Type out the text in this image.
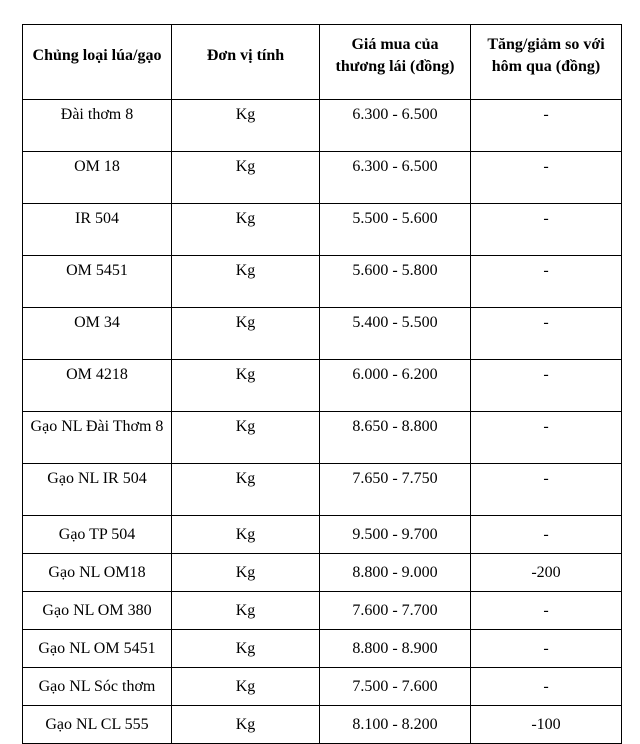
Chủng loại lúa/gạo	Đơn vị tính	Giá mua của thương lái (đồng)	Tăng/giảm so với hôm qua (đồng)
Đài thơm 8	Kg	6.300 - 6.500	-
OM 18	Kg	6.300 - 6.500	-
IR 504	Kg	5.500 - 5.600	-
OM 5451	Kg	5.600 - 5.800	-
OM 34	Kg	5.400 - 5.500	-
OM 4218	Kg	6.000 - 6.200	-
Gạo NL Đài Thơm 8	Kg	8.650 - 8.800	-
Gạo NL IR 504	Kg	7.650 - 7.750	-
Gạo TP 504	Kg	9.500 - 9.700	-
Gạo NL OM18	Kg	8.800 - 9.000	-200
Gạo NL OM 380	Kg	7.600 - 7.700	-
Gạo NL OM 5451	Kg	8.800 - 8.900	-
Gạo NL Sóc thơm	Kg	7.500 - 7.600	-
Gạo NL CL 555	Kg	8.100 - 8.200	-100
